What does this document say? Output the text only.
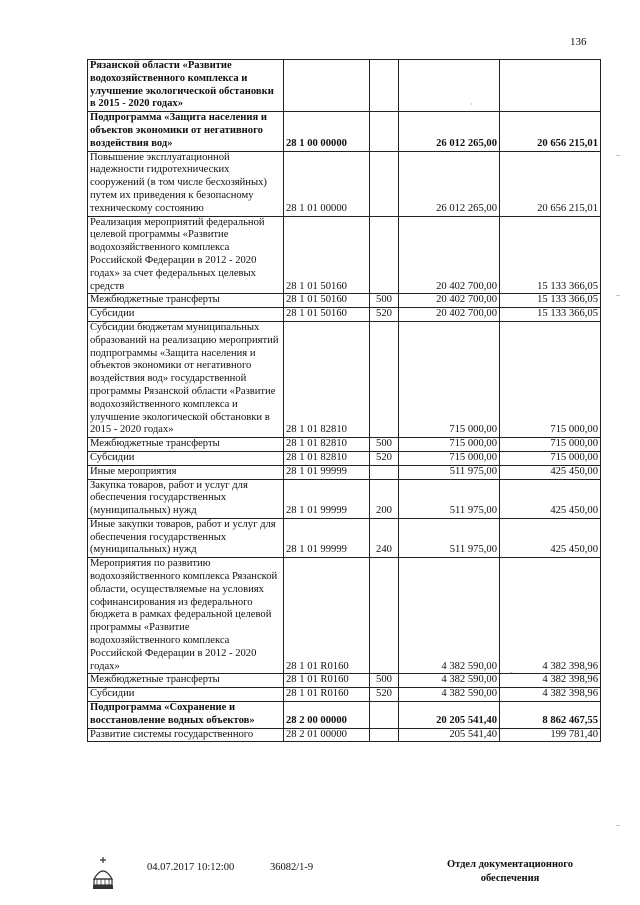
136
Рязанской области «Развитие водохозяйственного комплекса и улучшение экологической обстановки в 2015 - 2020 годах»				
Подпрограмма «Защита населения и объектов экономики от негативного воздействия вод»	28 1 00 00000		26 012 265,00	20 656 215,01
Повышение эксплуатационной надежности гидротехнических сооружений (в том числе бесхозяйных) путем их приведения к безопасному техническому состоянию	28 1 01 00000		26 012 265,00	20 656 215,01
Реализация мероприятий федеральной целевой программы «Развитие водохозяйственного комплекса Российской Федерации в 2012 - 2020 годах» за счет федеральных целевых средств	28 1 01 50160		20 402 700,00	15 133 366,05
Межбюджетные трансферты	28 1 01 50160	500	20 402 700,00	15 133 366,05
Субсидии	28 1 01 50160	520	20 402 700,00	15 133 366,05
Субсидии бюджетам муниципальных образований на реализацию мероприятий подпрограммы «Защита населения и объектов экономики от негативного воздействия вод» государственной программы Рязанской области «Развитие водохозяйственного комплекса и улучшение экологической обстановки в 2015 - 2020 годах»	28 1 01 82810		715 000,00	715 000,00
Межбюджетные трансферты	28 1 01 82810	500	715 000,00	715 000,00
Субсидии	28 1 01 82810	520	715 000,00	715 000,00
Иные мероприятия	28 1 01 99999		511 975,00	425 450,00
Закупка товаров, работ и услуг для обеспечения государственных (муниципальных) нужд	28 1 01 99999	200	511 975,00	425 450,00
Иные закупки товаров, работ и услуг для обеспечения государственных (муниципальных) нужд	28 1 01 99999	240	511 975,00	425 450,00
Мероприятия по развитию водохозяйственного комплекса Рязанской области, осуществляемые на условиях софинансирования из федерального бюджета в рамках федеральной целевой программы «Развитие водохозяйственного комплекса Российской Федерации в 2012 - 2020 годах»	28 1 01 R0160		4 382 590,00	4 382 398,96
Межбюджетные трансферты	28 1 01 R0160	500	4 382 590,00	4 382 398,96
Субсидии	28 1 01 R0160	520	4 382 590,00	4 382 398,96
Подпрограмма «Сохранение и восстановление водных объектов»	28 2 00 00000		20 205 541,40	8 862 467,55
Развитие системы государственного	28 2 01 00000		205 541,40	199 781,40
04.07.2017 10:12:00	36082/1-9	Отдел документационного обеспечения
·
–
–
–
-
